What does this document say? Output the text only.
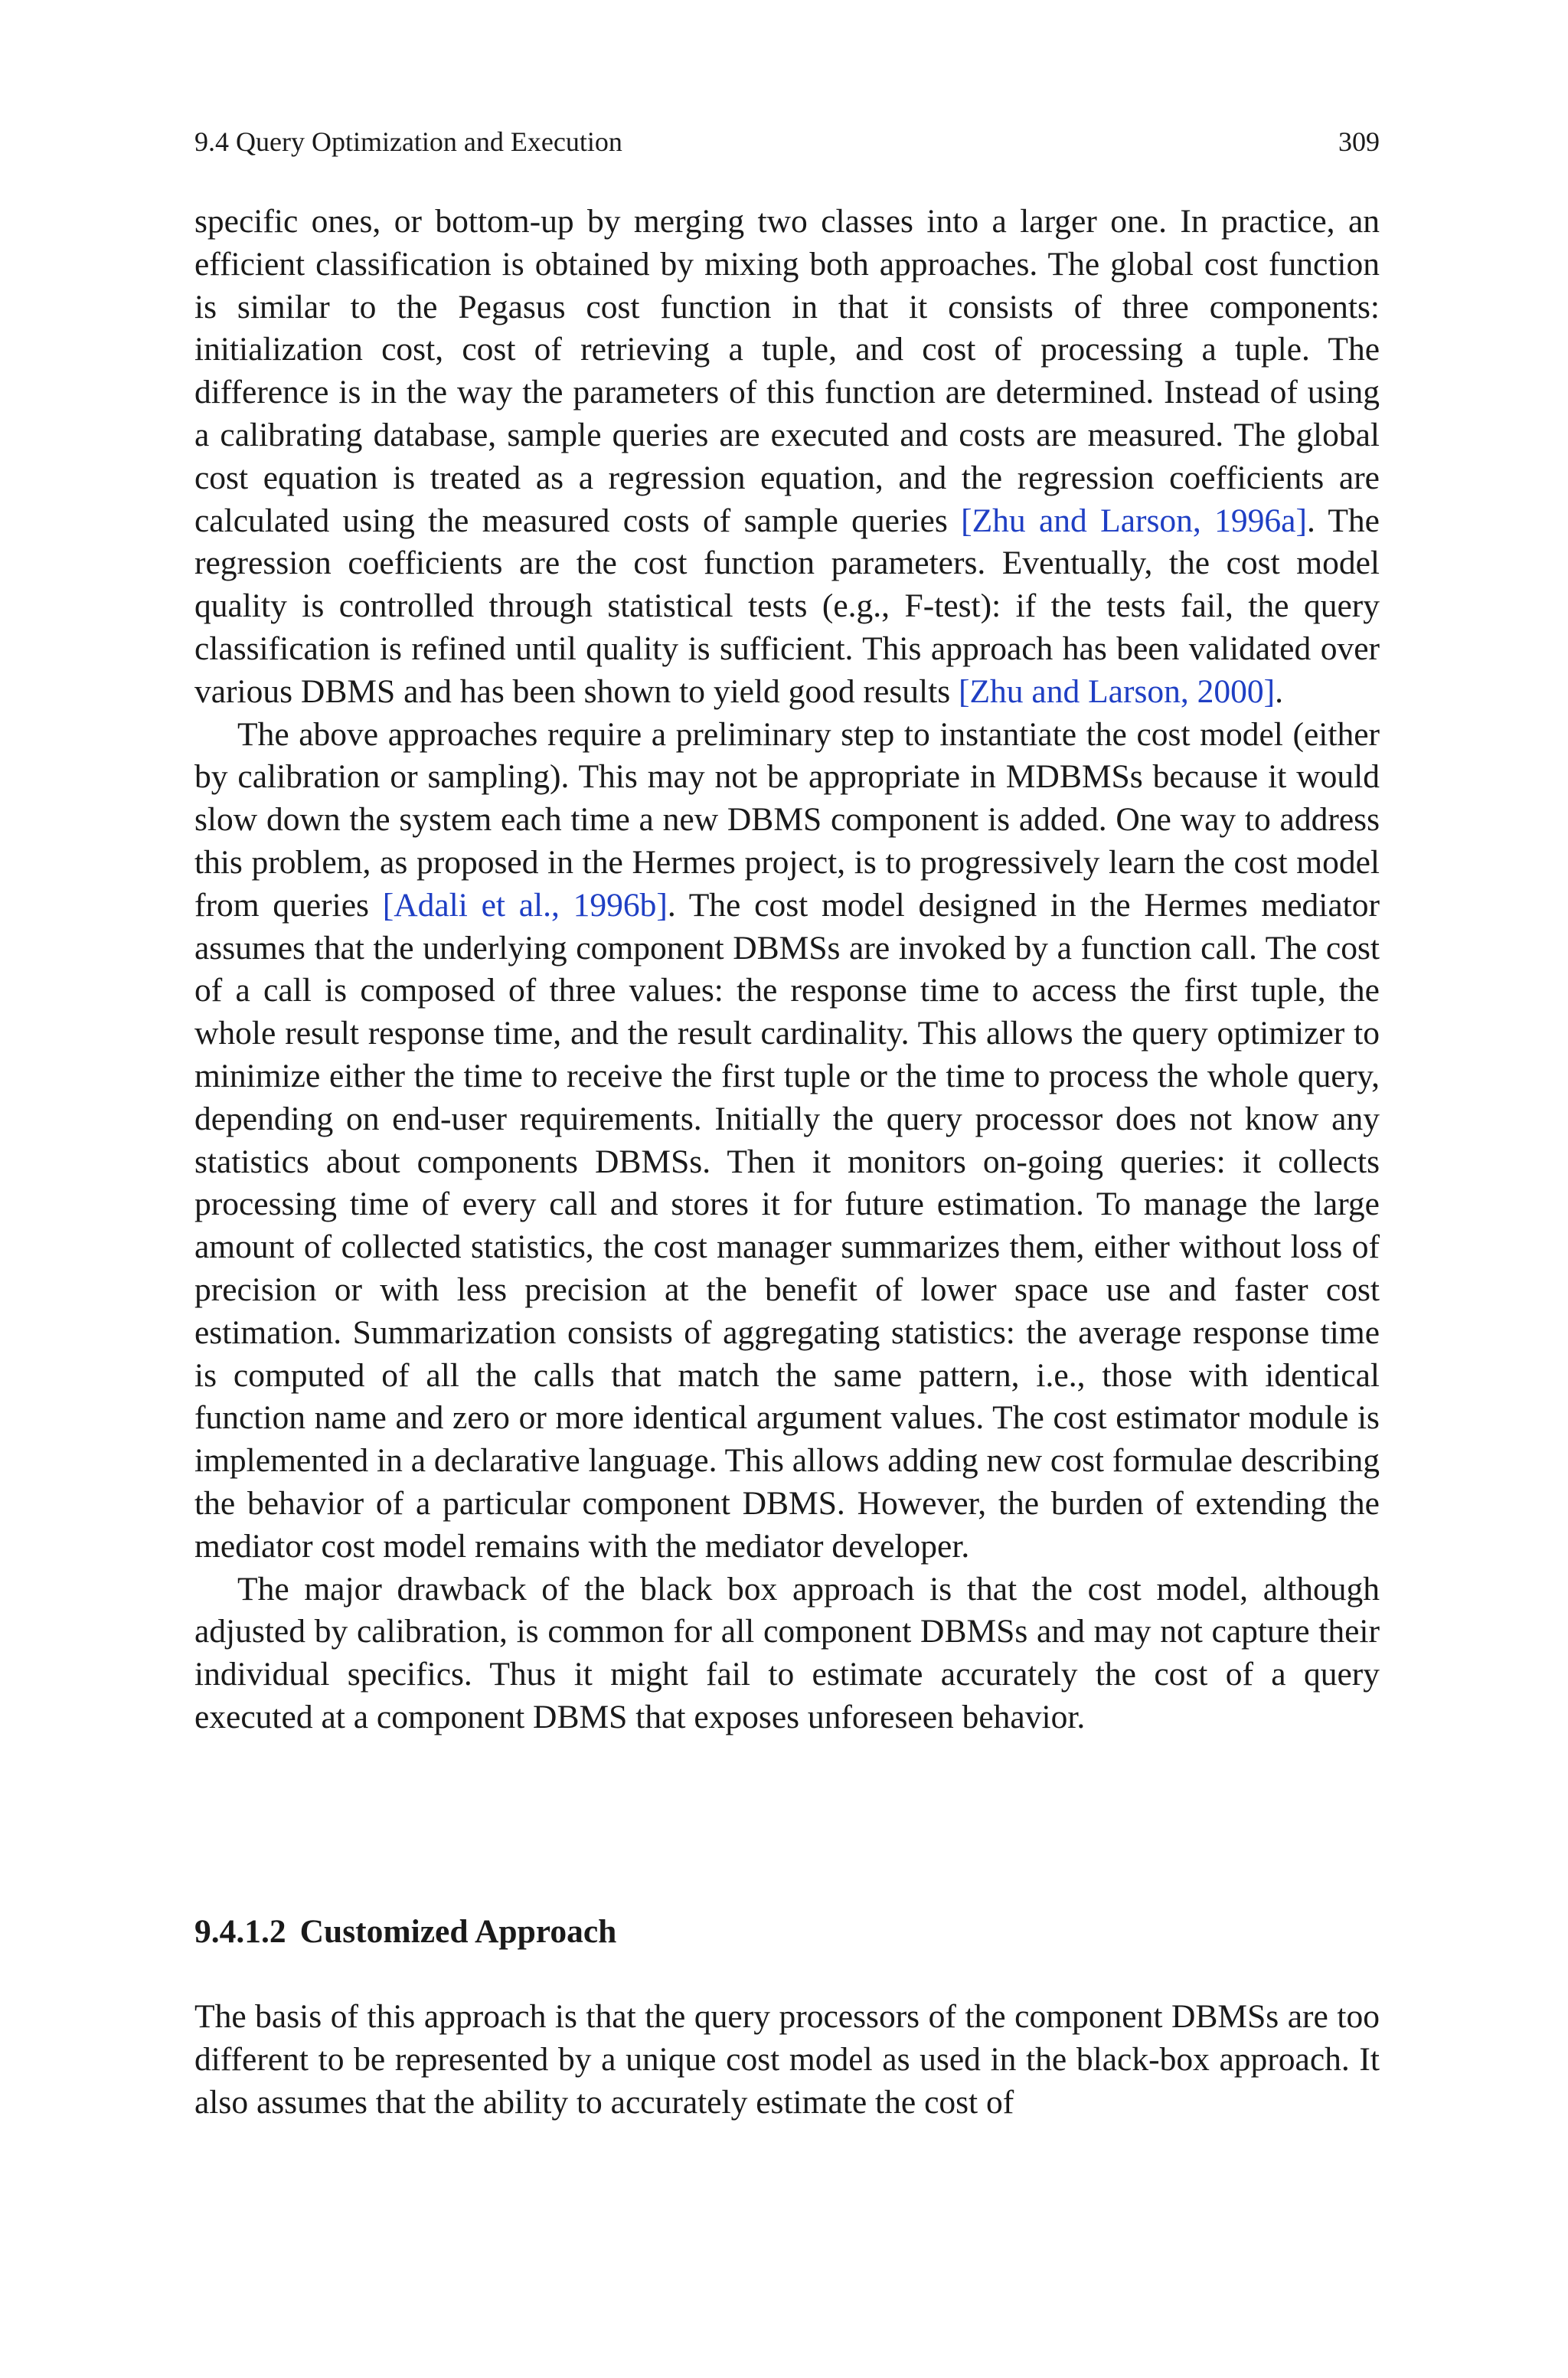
9.4 Query Optimization and Execution	309

specific ones, or bottom-up by merging two classes into a larger one. In practice, an efficient classification is obtained by mixing both approaches. The global cost function is similar to the Pegasus cost function in that it consists of three components: initialization cost, cost of retrieving a tuple, and cost of processing a tuple. The difference is in the way the parameters of this function are determined. Instead of using a calibrating database, sample queries are executed and costs are measured. The global cost equation is treated as a regression equation, and the regression coefficients are calculated using the measured costs of sample queries [Zhu and Larson, 1996a]. The regression coefficients are the cost function parameters. Eventually, the cost model quality is controlled through statistical tests (e.g., F-test): if the tests fail, the query classification is refined until quality is sufficient. This approach has been validated over various DBMS and has been shown to yield good results [Zhu and Larson, 2000].

The above approaches require a preliminary step to instantiate the cost model (either by calibration or sampling). This may not be appropriate in MDBMSs because it would slow down the system each time a new DBMS component is added. One way to address this problem, as proposed in the Hermes project, is to progressively learn the cost model from queries [Adali et al., 1996b]. The cost model designed in the Hermes mediator assumes that the underlying component DBMSs are invoked by a function call. The cost of a call is composed of three values: the response time to access the first tuple, the whole result response time, and the result cardinality. This allows the query optimizer to minimize either the time to receive the first tuple or the time to process the whole query, depending on end-user requirements. Initially the query processor does not know any statistics about components DBMSs. Then it monitors on-going queries: it collects processing time of every call and stores it for future estimation. To manage the large amount of collected statistics, the cost manager summarizes them, either without loss of precision or with less precision at the benefit of lower space use and faster cost estimation. Summarization consists of aggregating statistics: the average response time is computed of all the calls that match the same pattern, i.e., those with identical function name and zero or more identical argument values. The cost estimator module is implemented in a declarative language. This allows adding new cost formulae describing the behavior of a particular component DBMS. However, the burden of extending the mediator cost model remains with the mediator developer.

The major drawback of the black box approach is that the cost model, although adjusted by calibration, is common for all component DBMSs and may not capture their individual specifics. Thus it might fail to estimate accurately the cost of a query executed at a component DBMS that exposes unforeseen behavior.

9.4.1.2 Customized Approach

The basis of this approach is that the query processors of the component DBMSs are too different to be represented by a unique cost model as used in the black-box approach. It also assumes that the ability to accurately estimate the cost of
